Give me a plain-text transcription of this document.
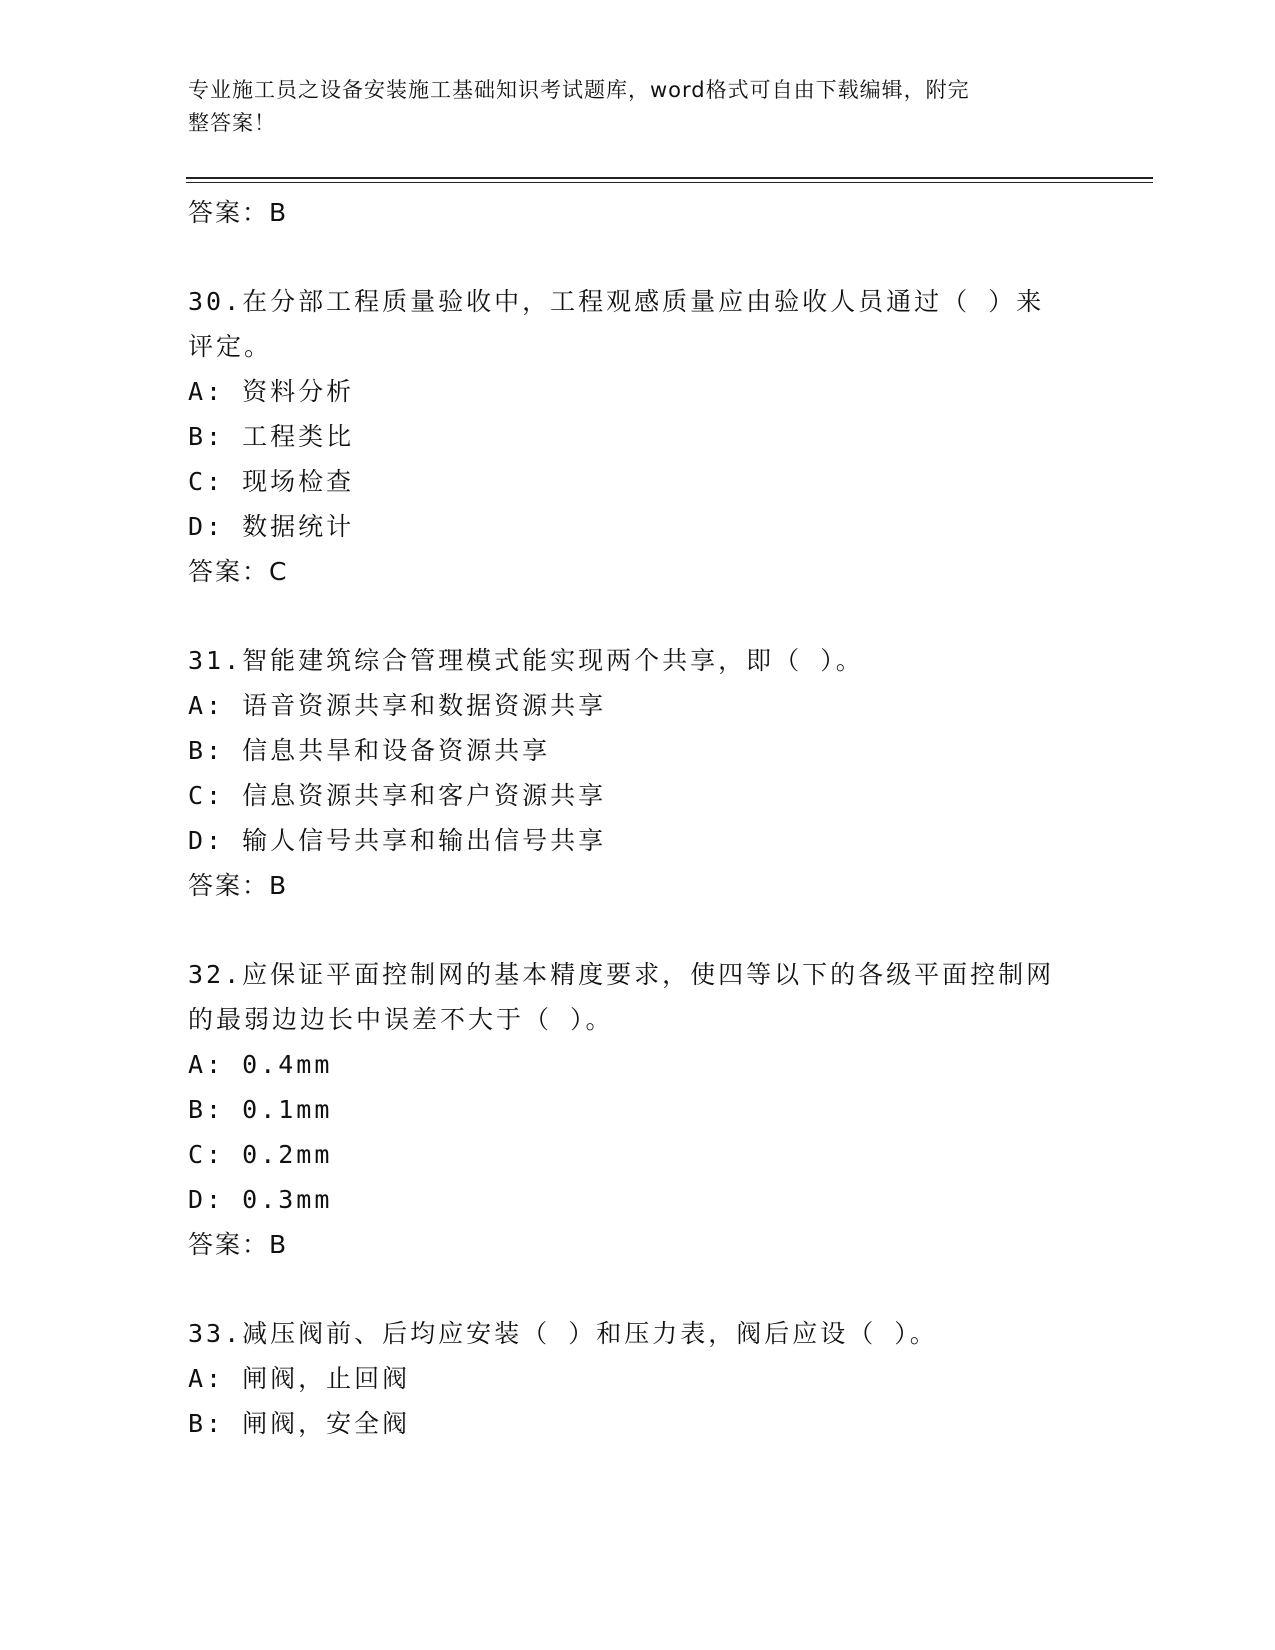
专业施工员之设备安装施工基础知识考试题库，word格式可自由下载编辑，附完
整答案！
答案：B
30.在分部工程质量验收中，工程观感质量应由验收人员通过（ ）来
评定。
A: 资料分析
B: 工程类比
C: 现场检查
D: 数据统计
答案：C
31.智能建筑综合管理模式能实现两个共享，即（ ）。
A: 语音资源共享和数据资源共享
B: 信息共旱和设备资源共享
C: 信息资源共享和客户资源共享
D: 输人信号共享和输出信号共享
答案：B
32.应保证平面控制网的基本精度要求，使四等以下的各级平面控制网
的最弱边边长中误差不大于（ ）。
A: 0.4mm
B: 0.1mm
C: 0.2mm
D: 0.3mm
答案：B
33.减压阀前、后均应安装（ ）和压力表，阀后应设（ ）。
A: 闸阀，止回阀
B: 闸阀，安全阀
